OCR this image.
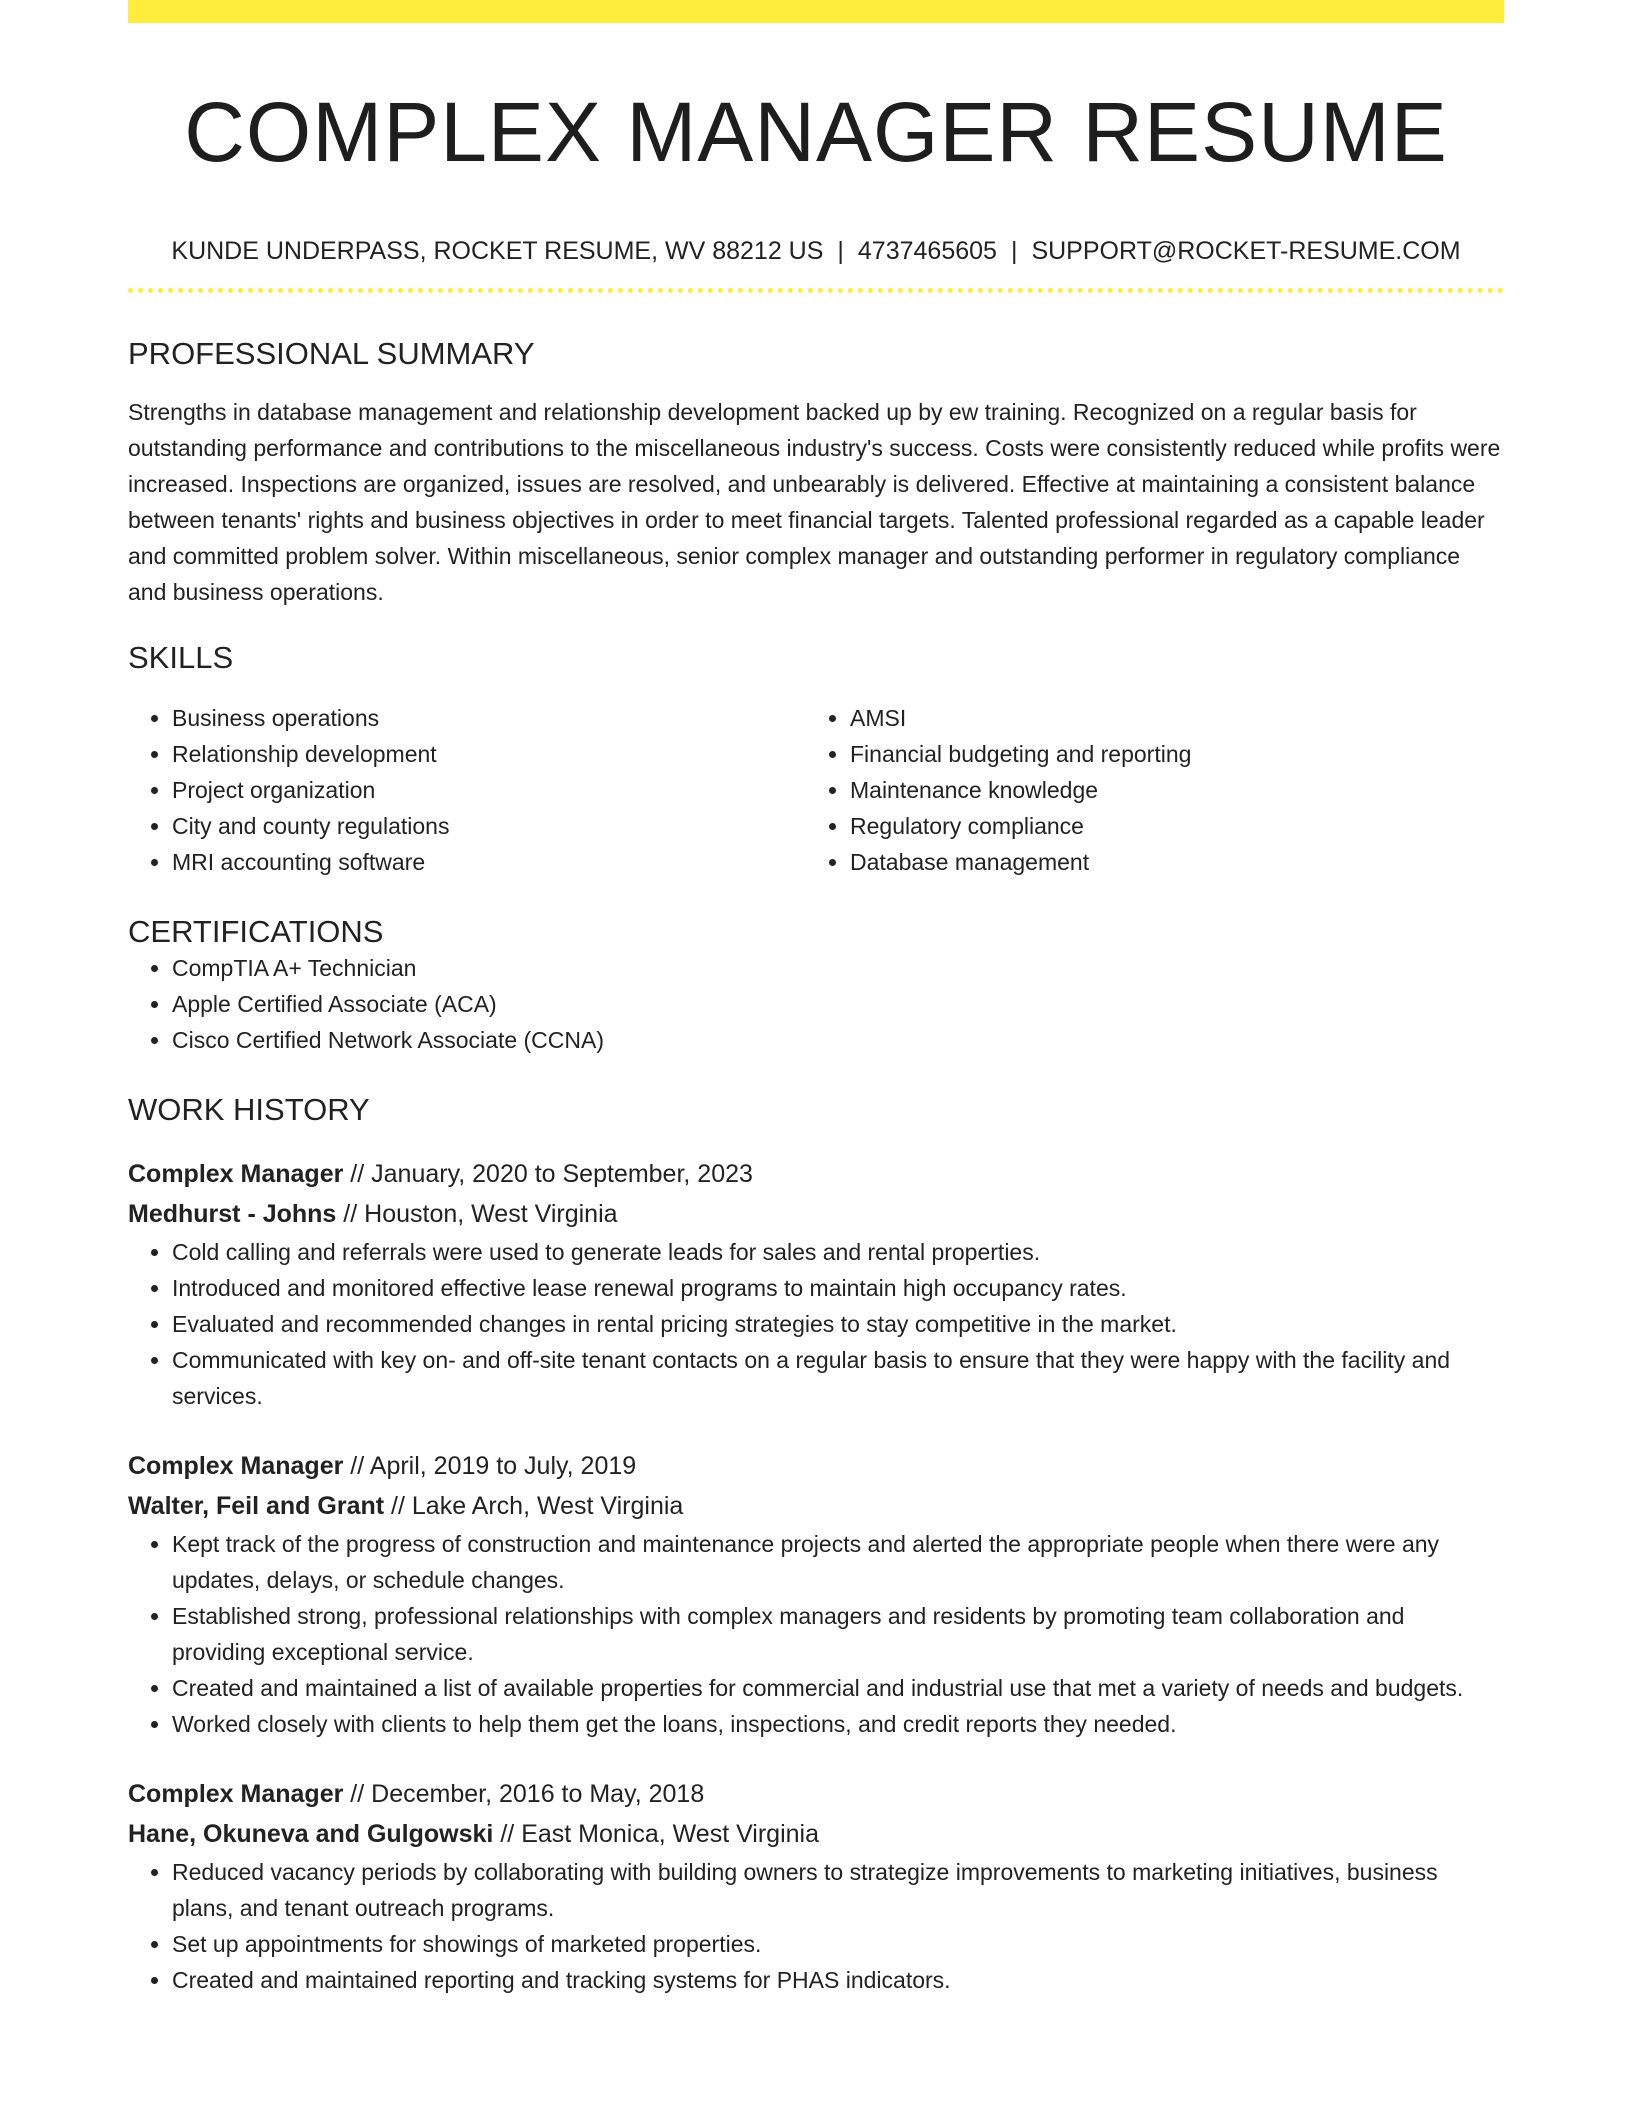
COMPLEX MANAGER RESUME
KUNDE UNDERPASS, ROCKET RESUME, WV 88212 US | 4737465605 | SUPPORT@ROCKET-RESUME.COM
PROFESSIONAL SUMMARY
Strengths in database management and relationship development backed up by ew training. Recognized on a regular basis for outstanding performance and contributions to the miscellaneous industry's success. Costs were consistently reduced while profits were increased. Inspections are organized, issues are resolved, and unbearably is delivered. Effective at maintaining a consistent balance between tenants' rights and business objectives in order to meet financial targets. Talented professional regarded as a capable leader and committed problem solver. Within miscellaneous, senior complex manager and outstanding performer in regulatory compliance and business operations.
SKILLS
• Business operations
• Relationship development
• Project organization
• City and county regulations
• MRI accounting software
• AMSI
• Financial budgeting and reporting
• Maintenance knowledge
• Regulatory compliance
• Database management
CERTIFICATIONS
• CompTIA A+ Technician
• Apple Certified Associate (ACA)
• Cisco Certified Network Associate (CCNA)
WORK HISTORY
Complex Manager // January, 2020 to September, 2023
Medhurst - Johns // Houston, West Virginia
• Cold calling and referrals were used to generate leads for sales and rental properties.
• Introduced and monitored effective lease renewal programs to maintain high occupancy rates.
• Evaluated and recommended changes in rental pricing strategies to stay competitive in the market.
• Communicated with key on- and off-site tenant contacts on a regular basis to ensure that they were happy with the facility and services.
Complex Manager // April, 2019 to July, 2019
Walter, Feil and Grant // Lake Arch, West Virginia
• Kept track of the progress of construction and maintenance projects and alerted the appropriate people when there were any updates, delays, or schedule changes.
• Established strong, professional relationships with complex managers and residents by promoting team collaboration and providing exceptional service.
• Created and maintained a list of available properties for commercial and industrial use that met a variety of needs and budgets.
• Worked closely with clients to help them get the loans, inspections, and credit reports they needed.
Complex Manager // December, 2016 to May, 2018
Hane, Okuneva and Gulgowski // East Monica, West Virginia
• Reduced vacancy periods by collaborating with building owners to strategize improvements to marketing initiatives, business plans, and tenant outreach programs.
• Set up appointments for showings of marketed properties.
• Created and maintained reporting and tracking systems for PHAS indicators.
